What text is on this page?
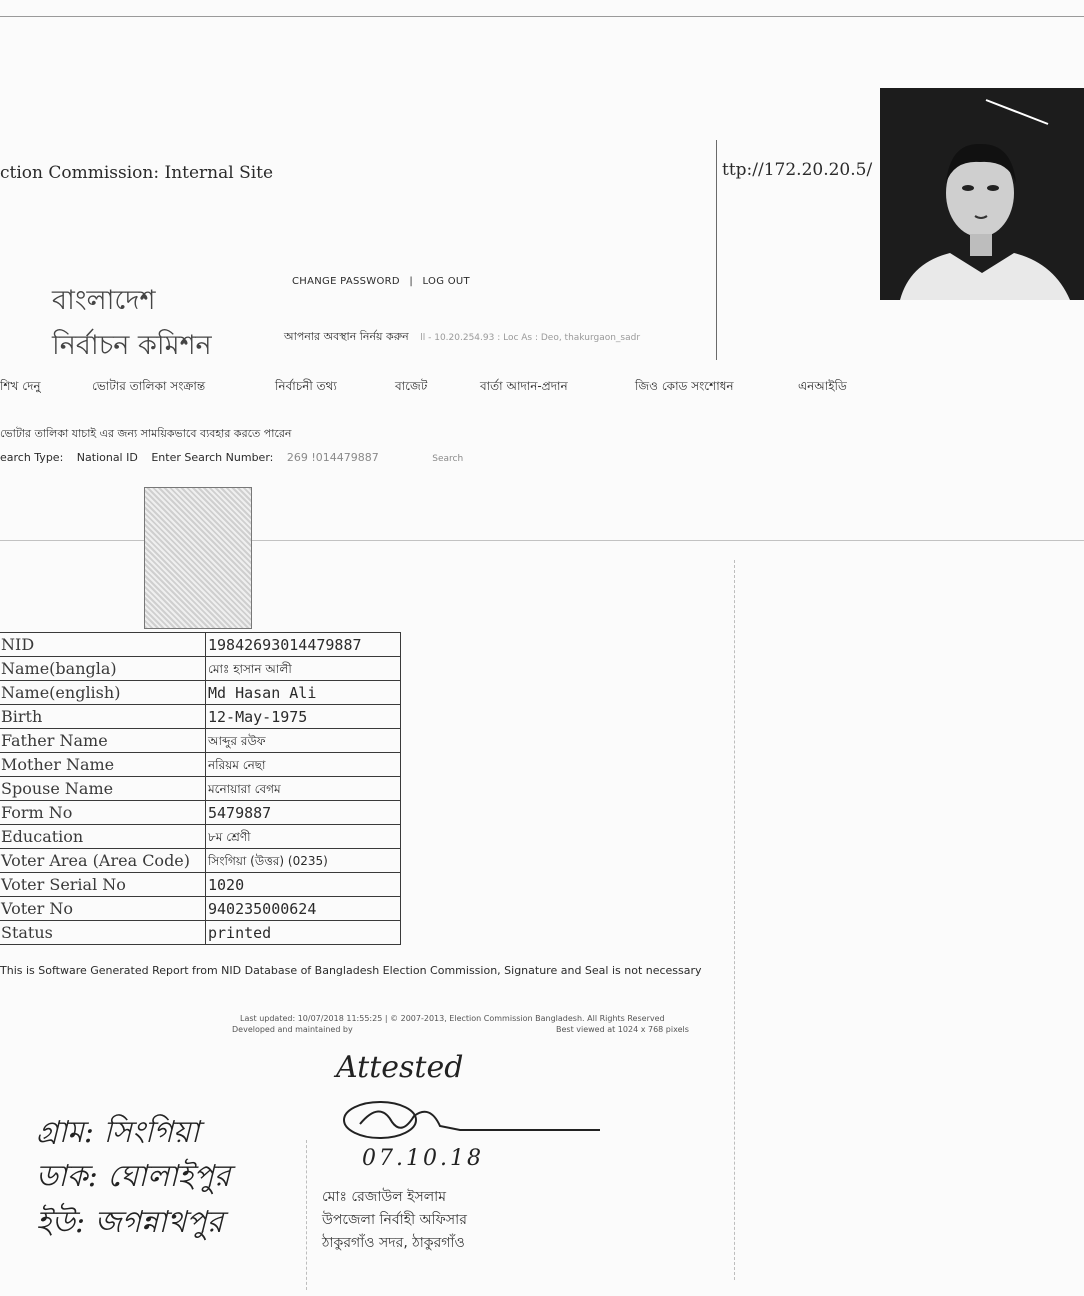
ction Commission: Internal Site	ttp://172.20.20.5/
বাংলাদেশ
নির্বাচন কমিশন
CHANGE PASSWORD | LOG OUT
আপনার অবস্থান নির্নয় করুন ll - 10.20.254.93 : Loc As : Deo, thakurgaon_sadr
শিখ দেনু	ভোটার তালিকা সংক্রান্ত	নির্বাচনী তথ্য	বাজেট	বার্তা আদান-প্রদান	জিও কোড সংশোধন	এনআইডি
ভোটার তালিকা যাচাই এর জন্য সাময়িকভাবে ব্যবহার করতে পারেন
earch Type: National ID Enter Search Number: 269 !014479887	Search
NID	19842693014479887
Name(bangla)	মোঃ হাসান আলী
Name(english)	Md Hasan Ali
Birth	12-May-1975
Father Name	আব্দুর রউফ
Mother Name	নরিয়ম নেছা
Spouse Name	মনোয়ারা বেগম
Form No	5479887
Education	৮ম শ্রেণী
Voter Area (Area Code)	সিংগিয়া (উত্তর) (0235)
Voter Serial No	1020
Voter No	940235000624
Status	printed
This is Software Generated Report from NID Database of Bangladesh Election Commission, Signature and Seal is not necessary
Last updated: 10/07/2018 11:55:25 | © 2007-2013, Election Commission Bangladesh. All Rights Reserved
Developed and maintained by	Best viewed at 1024 x 768 pixels
Attested
07.10.18
গ্রাম: সিংগিয়া
ডাক: ঘোলাইপুর
ইউ: জগন্নাথপুর
মোঃ রেজাউল ইসলাম
উপজেলা নির্বাহী অফিসার
ঠাকুরগাঁও সদর, ঠাকুরগাঁও
